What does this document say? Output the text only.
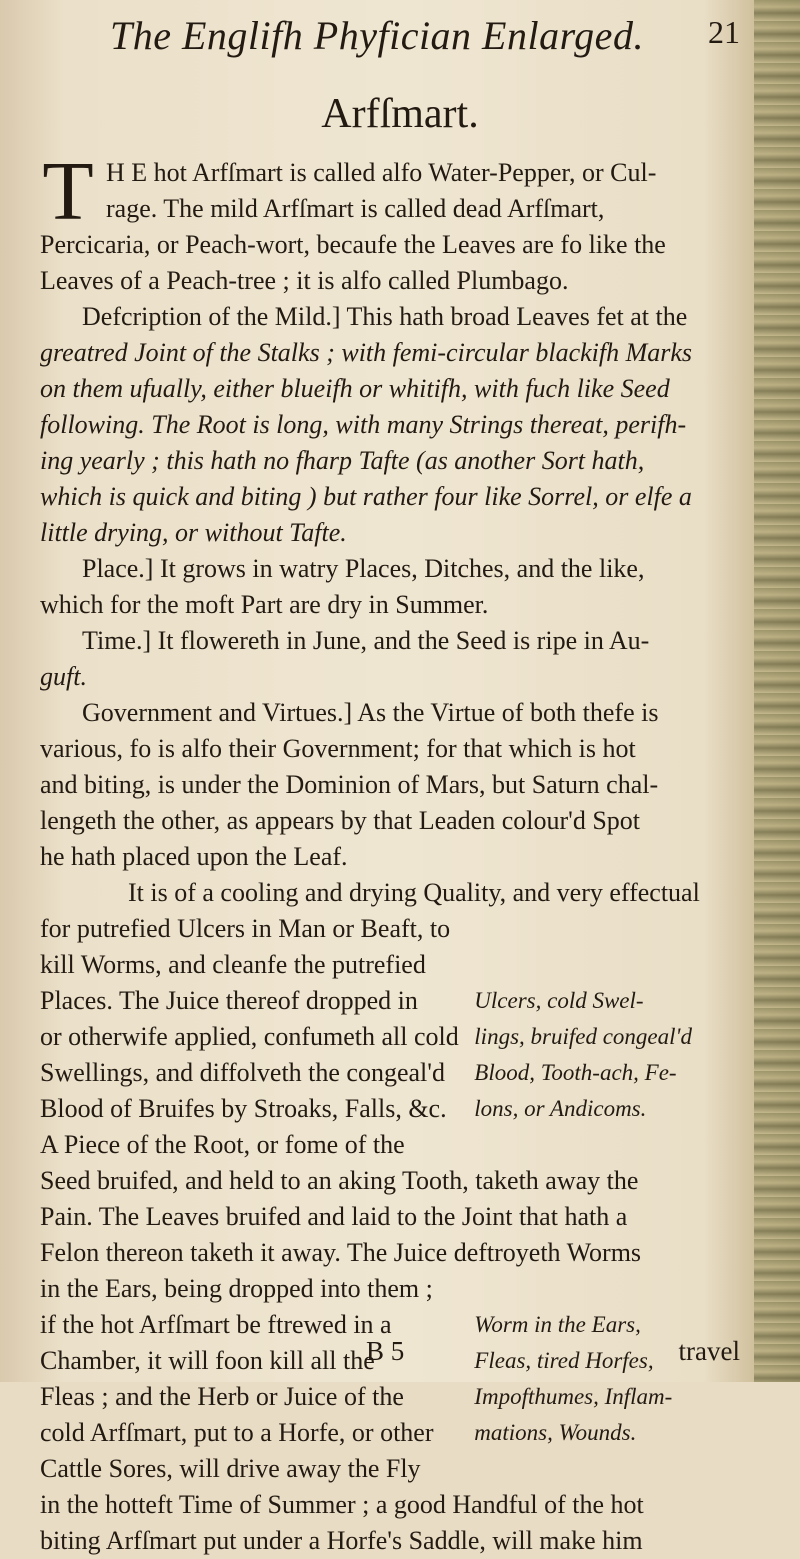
The Englifh Phyfician Enlarged. 21
Arfſmart.
T H E hot Arfſmart is called alfo Water-Pepper, or Cul-
rage. The mild Arfſmart is called dead Arfſmart,
Percicaria, or Peach-wort, becaufe the Leaves are fo like the
Leaves of a Peach-tree ; it is alfo called Plumbago.
Defcription of the Mild.] This hath broad Leaves fet at the
greatred Joint of the Stalks ; with femi-circular blackifh Marks
on them ufually, either blueifh or whitifh, with fuch like Seed
following. The Root is long, with many Strings thereat, perifh-
ing yearly ; this hath no fharp Tafte (as another Sort hath,
which is quick and biting ) but rather four like Sorrel, or elfe a
little drying, or without Tafte.
Place.] It grows in watry Places, Ditches, and the like,
which for the moft Part are dry in Summer.
Time.] It flowereth in June, and the Seed is ripe in Au-
guft.
Government and Virtues.] As the Virtue of both thefe is
various, fo is alfo their Government; for that which is hot
and biting, is under the Dominion of Mars, but Saturn chal-
lengeth the other, as appears by that Leaden colour'd Spot
he hath placed upon the Leaf.
It is of a cooling and drying Quality, and very effectual
for putrefied Ulcers in Man or Beaft, to
kill Worms, and cleanfe the putrefied
Places. The Juice thereof dropped in
or otherwife applied, confumeth all cold
Swellings, and diffolveth the congeal'd
Blood of Bruifes by Stroaks, Falls, &c.
A Piece of the Root, or fome of the
Ulcers, cold Swel-
lings, bruifed congeal'd
Blood, Tooth-ach, Fe-
lons, or Andicoms.
Seed bruifed, and held to an aking Tooth, taketh away the
Pain. The Leaves bruifed and laid to the Joint that hath a
Felon thereon taketh it away. The Juice deftroyeth Worms
in the Ears, being dropped into them ;
if the hot Arfſmart be ftrewed in a
Chamber, it will foon kill all the
Fleas ; and the Herb or Juice of the
cold Arfſmart, put to a Horfe, or other
Cattle Sores, will drive away the Fly
Worm in the Ears,
Fleas, tired Horfes,
Impofthumes, Inflam-
mations, Wounds.
in the hotteft Time of Summer ; a good Handful of the hot
biting Arfſmart put under a Horfe's Saddle, will make him
B 5	travel
